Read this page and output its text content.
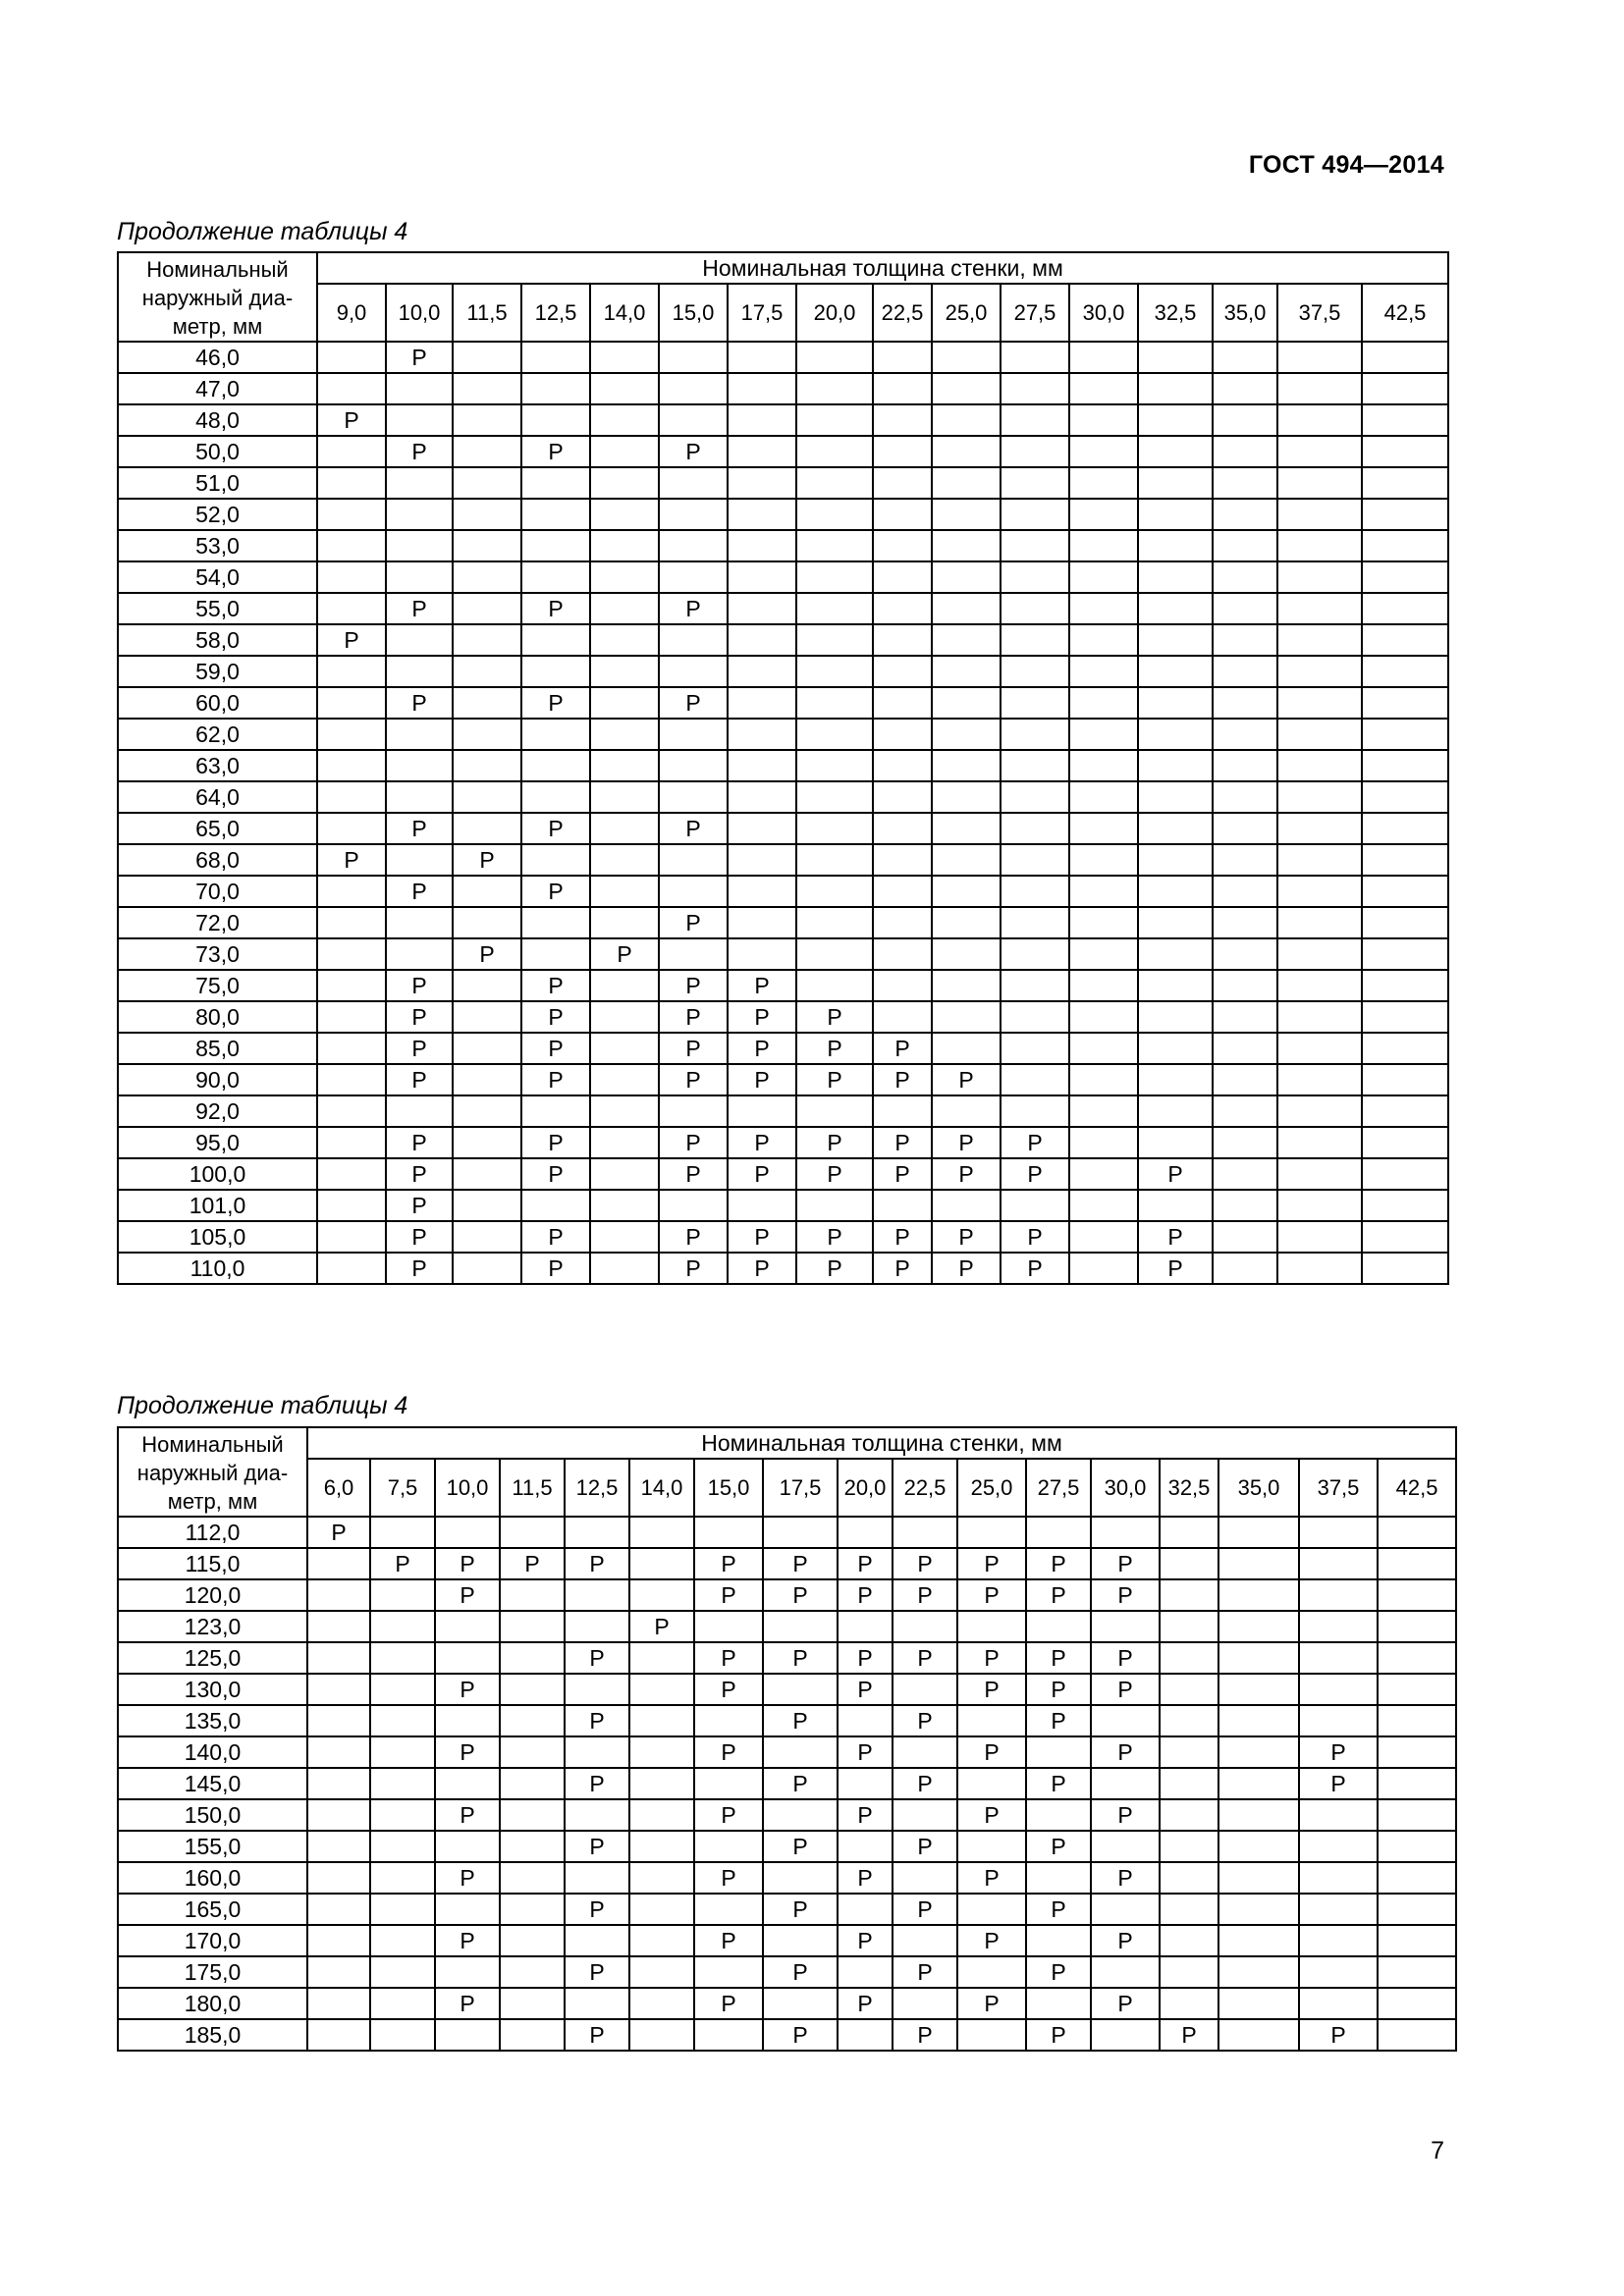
ГОСТ 494—2014
Продолжение таблицы 4
Номинальный наружный диа-метр, мм	Номинальная толщина стенки, мм															
	9,0	10,0	11,5	12,5	14,0	15,0	17,5	20,0	22,5	25,0	27,5	30,0	32,5	35,0	37,5	42,5
46,0		Р														
47,0																
48,0	Р															
50,0		Р		Р		Р										
51,0																
52,0																
53,0																
54,0																
55,0		Р		Р		Р										
58,0	Р															
59,0																
60,0		Р		Р		Р										
62,0																
63,0																
64,0																
65,0		Р		Р		Р										
68,0	Р		Р													
70,0		Р		Р												
72,0						Р										
73,0			Р		Р											
75,0		Р		Р		Р	Р									
80,0		Р		Р		Р	Р	Р								
85,0		Р		Р		Р	Р	Р	Р							
90,0		Р		Р		Р	Р	Р	Р	Р						
92,0																
95,0		Р		Р		Р	Р	Р	Р	Р	Р					
100,0		Р		Р		Р	Р	Р	Р	Р	Р		Р			
101,0		Р														
105,0		Р		Р		Р	Р	Р	Р	Р	Р		Р			
110,0		Р		Р		Р	Р	Р	Р	Р	Р		Р			
Продолжение таблицы 4
Номинальный наружный диа-метр, мм	Номинальная толщина стенки, мм																
	6,0	7,5	10,0	11,5	12,5	14,0	15,0	17,5	20,0	22,5	25,0	27,5	30,0	32,5	35,0	37,5	42,5
112,0	Р																
115,0		Р	Р	Р	Р		Р	Р	Р	Р	Р	Р	Р				
120,0			Р				Р	Р	Р	Р	Р	Р	Р				
123,0						Р											
125,0					Р		Р	Р	Р	Р	Р	Р	Р				
130,0			Р				Р		Р		Р	Р	Р				
135,0					Р			Р		Р		Р					
140,0			Р				Р		Р		Р		Р			Р	
145,0					Р			Р		Р		Р				Р	
150,0			Р				Р		Р		Р		Р				
155,0					Р			Р		Р		Р					
160,0			Р				Р		Р		Р		Р				
165,0					Р			Р		Р		Р					
170,0			Р				Р		Р		Р		Р				
175,0					Р			Р		Р		Р					
180,0			Р				Р		Р		Р		Р				
185,0					Р			Р		Р		Р		Р		Р	
7
